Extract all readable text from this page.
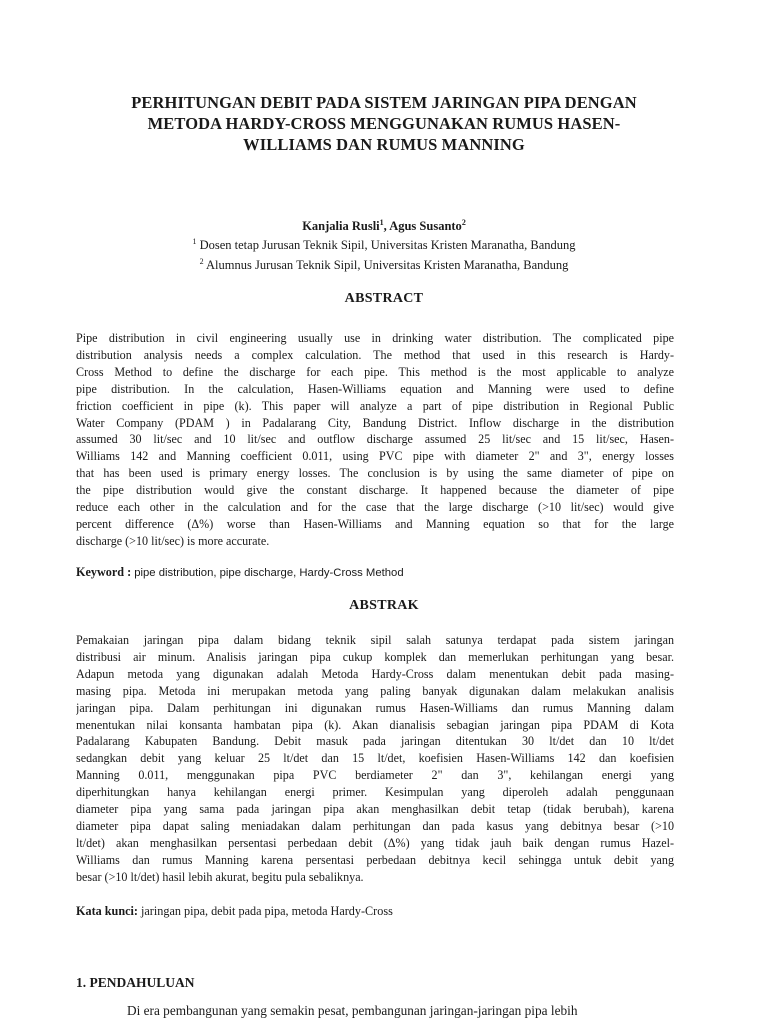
PERHITUNGAN DEBIT PADA SISTEM JARINGAN PIPA DENGAN
METODA HARDY-CROSS MENGGUNAKAN RUMUS HASEN-
WILLIAMS DAN RUMUS MANNING
Kanjalia Rusli$^1$, Agus Susanto$^2$
$^1$ Dosen tetap Jurusan Teknik Sipil, Universitas Kristen Maranatha, Bandung
$^2$ Alumnus Jurusan Teknik Sipil, Universitas Kristen Maranatha, Bandung
ABSTRACT
Pipe distribution in civil engineering usually use in drinking water distribution. The complicated pipe
distribution analysis needs a complex calculation. The method that used in this research is Hardy-
Cross Method to define the discharge for each pipe. This method is the most applicable to analyze
pipe distribution. In the calculation, Hasen-Williams equation and Manning were used to define
friction coefficient in pipe (k). This paper will analyze a part of pipe distribution in Regional Public
Water Company (PDAM ) in Padalarang City, Bandung District. Inflow discharge in the distribution
assumed 30 lit/sec and 10 lit/sec and outflow discharge assumed 25 lit/sec and 15 lit/sec, Hasen-
Williams 142 and Manning coefficient 0.011, using PVC pipe with diameter 2" and 3", energy losses
that has been used is primary energy losses. The conclusion is by using the same diameter of pipe on
the pipe distribution would give the constant discharge. It happened because the diameter of pipe
reduce each other in the calculation and for the case that the large discharge (>10 lit/sec) would give
percent difference (Δ%) worse than Hasen-Williams and Manning equation so that for the large
discharge (>10 lit/sec) is more accurate.
Keyword : pipe distribution, pipe discharge, Hardy-Cross Method
ABSTRAK
Pemakaian jaringan pipa dalam bidang teknik sipil salah satunya terdapat pada sistem jaringan
distribusi air minum. Analisis jaringan pipa cukup komplek dan memerlukan perhitungan yang besar.
Adapun metoda yang digunakan adalah Metoda Hardy-Cross dalam menentukan debit pada masing-
masing pipa. Metoda ini merupakan metoda yang paling banyak digunakan dalam melakukan analisis
jaringan pipa. Dalam perhitungan ini digunakan rumus Hasen-Williams dan rumus Manning dalam
menentukan nilai konsanta hambatan pipa (k). Akan dianalisis sebagian jaringan pipa PDAM di Kota
Padalarang Kabupaten Bandung. Debit masuk pada jaringan ditentukan 30 lt/det dan 10 lt/det
sedangkan debit yang keluar 25 lt/det dan 15 lt/det, koefisien Hasen-Williams 142 dan koefisien
Manning 0.011, menggunakan pipa PVC berdiameter 2" dan 3", kehilangan energi yang
diperhitungkan hanya kehilangan energi primer. Kesimpulan yang diperoleh adalah penggunaan
diameter pipa yang sama pada jaringan pipa akan menghasilkan debit tetap (tidak berubah), karena
diameter pipa dapat saling meniadakan dalam perhitungan dan pada kasus yang debitnya besar (>10
lt/det) akan menghasilkan persentasi perbedaan debit (Δ%) yang tidak jauh baik dengan rumus Hazel-
Williams dan rumus Manning karena persentasi perbedaan debitnya kecil sehingga untuk debit yang
besar (>10 lt/det) hasil lebih akurat, begitu pula sebaliknya.
Kata kunci: jaringan pipa, debit pada pipa, metoda Hardy-Cross
1. PENDAHULUAN
Di era pembangunan yang semakin pesat, pembangunan jaringan-jaringan pipa lebih
